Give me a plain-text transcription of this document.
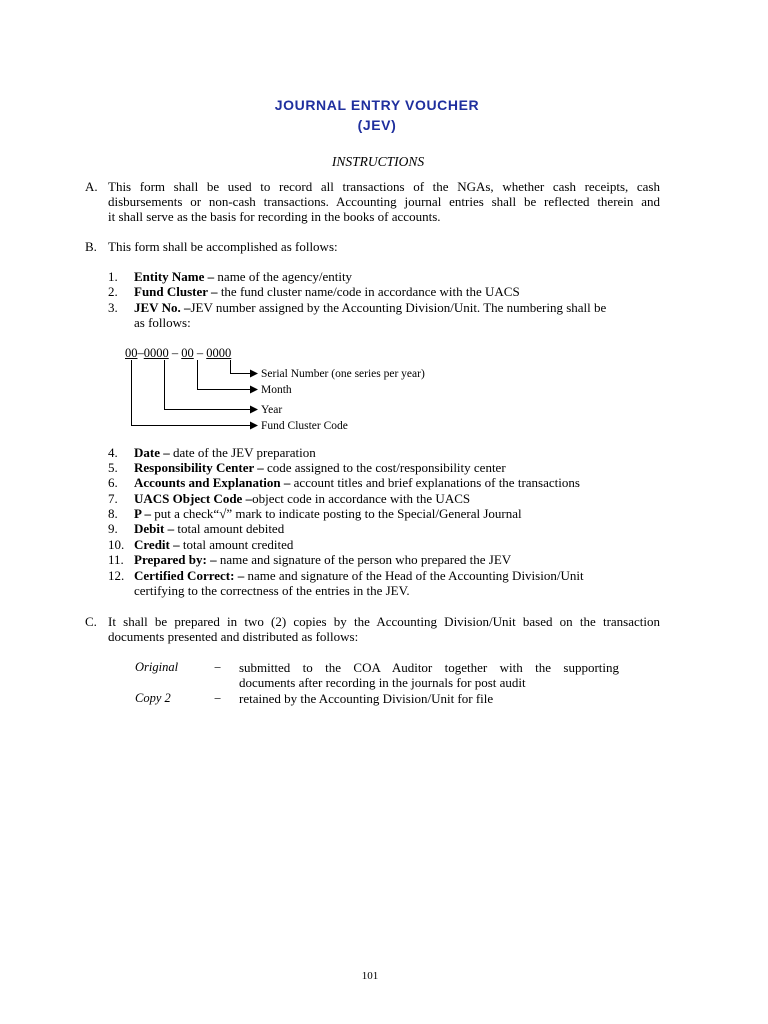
JOURNAL ENTRY VOUCHER
(JEV)
INSTRUCTIONS
A. This form shall be used to record all transactions of the NGAs, whether cash receipts, cash
disbursements or non-cash transactions. Accounting journal entries shall be reflected therein and
it shall serve as the basis for recording in the books of accounts.
B. This form shall be accomplished as follows:
1.	Entity Name – name of the agency/entity
2.	Fund Cluster – the fund cluster name/code in accordance with the UACS
3.	JEV No. –JEV number assigned by the Accounting Division/Unit. The numbering shall be
as follows:
00–0000 – 00 – 0000
Serial Number (one series per year)
Month
Year
Fund Cluster Code
4.	Date – date of the JEV preparation
5.	Responsibility Center – code assigned to the cost/responsibility center
6.	Accounts and Explanation – account titles and brief explanations of the transactions
7.	UACS Object Code –object code in accordance with the UACS
8.	P – put a check“√” mark to indicate posting to the Special/General Journal
9.	Debit – total amount debited
10. Credit – total amount credited
11. Prepared by: – name and signature of the person who prepared the JEV
12. Certified Correct: – name and signature of the Head of the Accounting Division/Unit
certifying to the correctness of the entries in the JEV.
C. It shall be prepared in two (2) copies by the Accounting Division/Unit based on the transaction
documents presented and distributed as follows:
Original	− submitted to the COA Auditor together with the supporting
documents after recording in the journals for post audit
Copy 2	− retained by the Accounting Division/Unit for file
101
